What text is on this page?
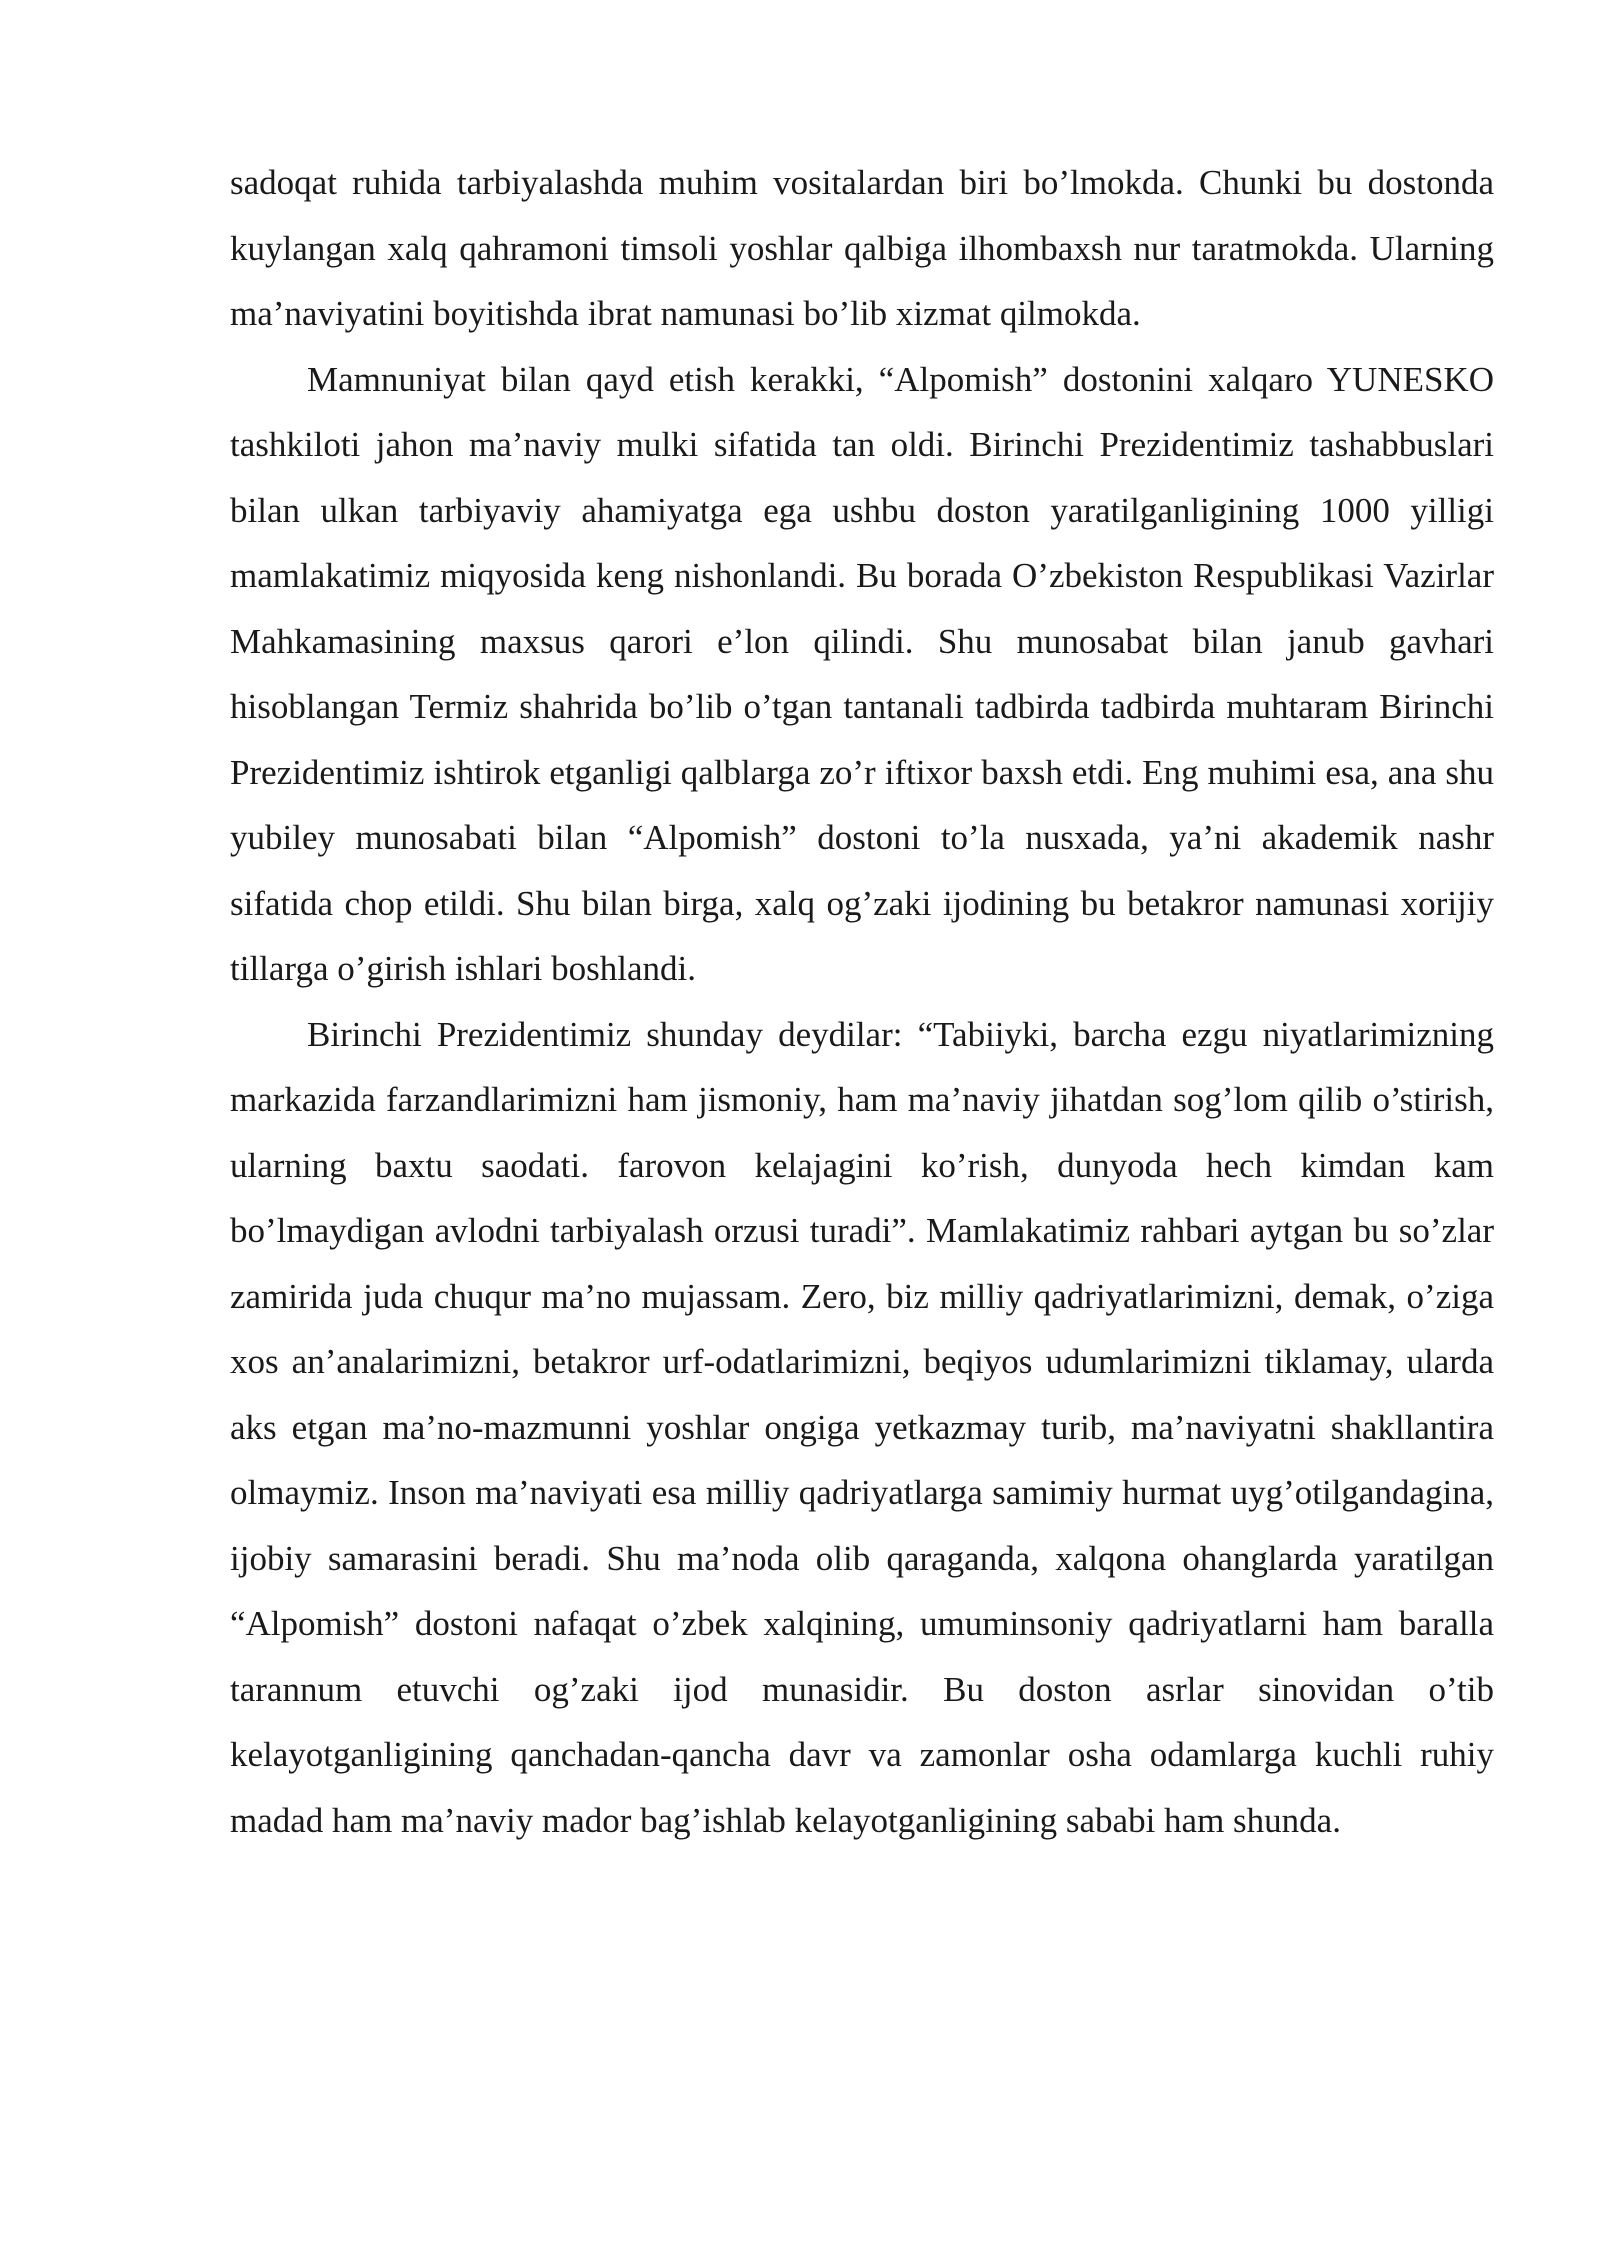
sadoqat ruhida tarbiyalashda muhim vositalardan biri bo’lmokda. Chunki bu dostonda kuylangan xalq qahramoni timsoli yoshlar qalbiga ilhombaxsh nur taratmokda. Ularning ma’naviyatini boyitishda ibrat namunasi bo’lib xizmat qilmokda.

Mamnuniyat bilan qayd etish kerakki, “Alpomish” dostonini xalqaro YUNESKO tashkiloti jahon ma’naviy mulki sifatida tan oldi. Birinchi Prezidentimiz tashabbuslari bilan ulkan tarbiyaviy ahamiyatga ega ushbu doston yaratilganligining 1000 yilligi mamlakatimiz miqyosida keng nishonlandi. Bu borada O’zbekiston Respublikasi Vazirlar Mahkamasining maxsus qarori e’lon qilindi. Shu munosabat bilan janub gavhari hisoblangan Termiz shahrida bo’lib o’tgan tantanali tadbirda tadbirda muhtaram Birinchi Prezidentimiz ishtirok etganligi qalblarga zo’r iftixor baxsh etdi. Eng muhimi esa, ana shu yubiley munosabati bilan “Alpomish” dostoni to’la nusxada, ya’ni akademik nashr sifatida chop etildi. Shu bilan birga, xalq og’zaki ijodining bu betakror namunasi xorijiy tillarga o’girish ishlari boshlandi.

Birinchi Prezidentimiz shunday deydilar: “Tabiiyki, barcha ezgu niyatlarimizning markazida farzandlarimizni ham jismoniy, ham ma’naviy jihatdan sog’lom qilib o’stirish, ularning baxtu saodati. farovon kelajagini ko’rish, dunyoda hech kimdan kam bo’lmaydigan avlodni tarbiyalash orzusi turadi”. Mamlakatimiz rahbari aytgan bu so’zlar zamirida juda chuqur ma’no mujassam. Zero, biz milliy qadriyatlarimizni, demak, o’ziga xos an’analarimizni, betakror urf-odatlarimizni, beqiyos udumlarimizni tiklamay, ularda aks etgan ma’no-mazmunni yoshlar ongiga yetkazmay turib, ma’naviyatni shakllantira olmaymiz. Inson ma’naviyati esa milliy qadriyatlarga samimiy hurmat uyg’otilgandagina, ijobiy samarasini beradi. Shu ma’noda olib qaraganda, xalqona ohanglarda yaratilgan “Alpomish” dostoni nafaqat o’zbek xalqining, umuminsoniy qadriyatlarni ham baralla tarannum etuvchi og’zaki ijod munasidir. Bu doston asrlar sinovidan o’tib kelayotganligining qanchadan-qancha davr va zamonlar osha odamlarga kuchli ruhiy madad ham ma’naviy mador bag’ishlab kelayotganligining sababi ham shunda.
